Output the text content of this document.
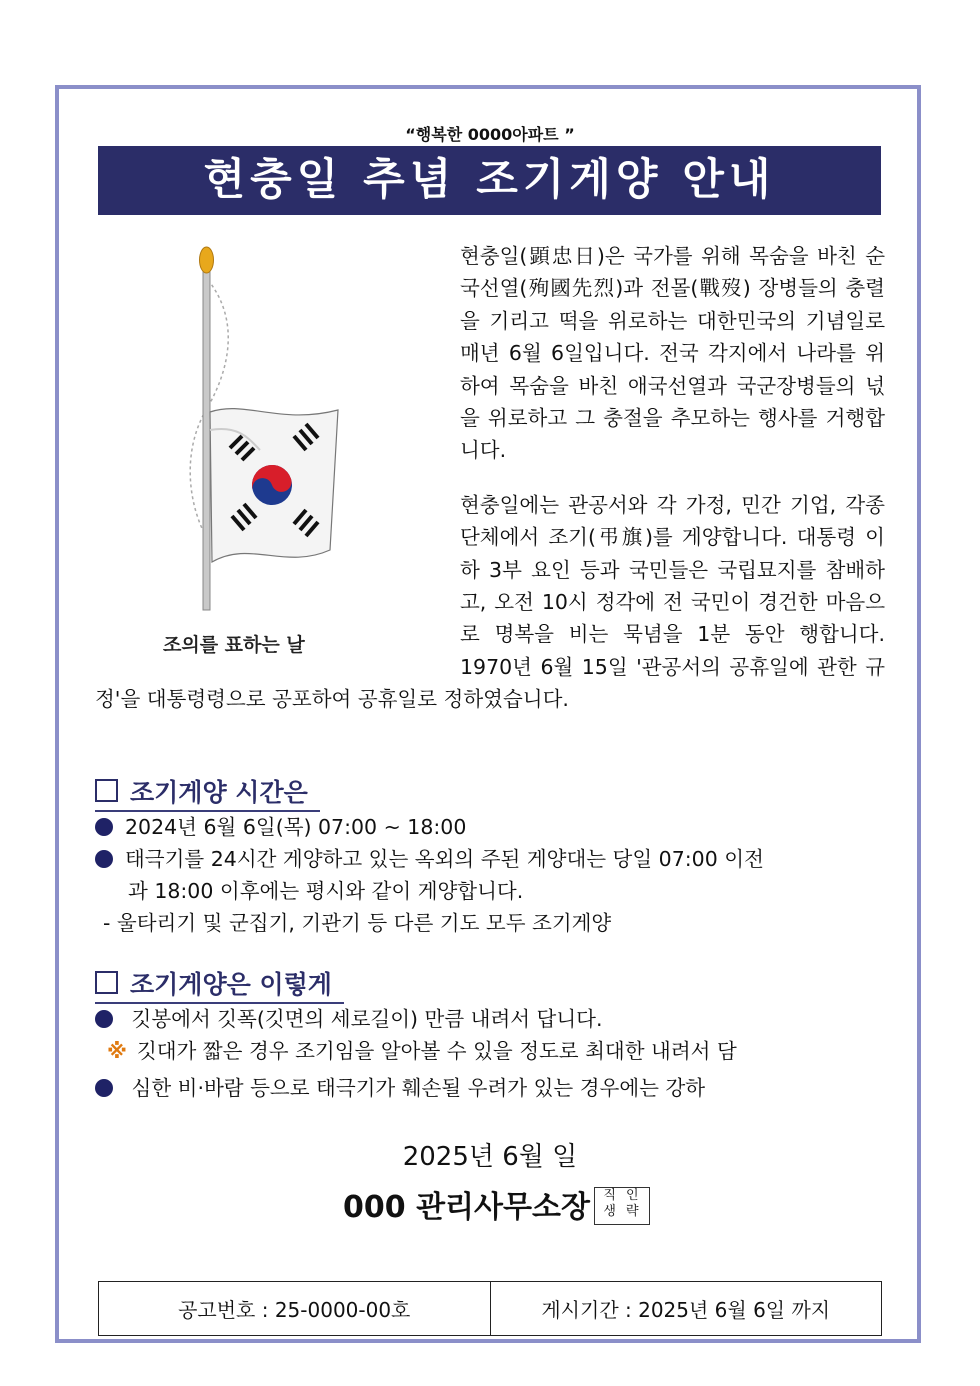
“행복한 0000아파트 ”
현충일 추념 조기게양 안내
조의를 표하는 날

현충일(顕忠日)은 국가를 위해 목숨을 바친 순국선열(殉國先烈)과 전몰(戰歿) 장병들의 충렬을 기리고 떡을 위로하는 대한민국의 기념일로 매년 6월 6일입니다. 전국 각지에서 나라를 위하여 목숨을 바친 애국선열과 국군장병들의 넋을 위로하고 그 충절을 추모하는 행사를 거행합니다.

현충일에는 관공서와 각 가정, 민간 기업, 각종 단체에서 조기(弔旗)를 게양합니다. 대통령 이하 3부 요인 등과 국민들은 국립묘지를 참배하고, 오전 10시 정각에 전 국민이 경건한 마음으로 명복을 비는 묵념을 1분 동안 행합니다. 1970년 6월 15일 '관공서의 공휴일에 관한 규정'을 대통령령으로 공포하여 공휴일로 정하였습니다.

조기게양 시간은
2024년 6월 6일(목) 07:00 ~ 18:00
태극기를 24시간 게양하고 있는 옥외의 주된 게양대는 당일 07:00 이전
과 18:00 이후에는 평시와 같이 게양합니다.
- 울타리기 및 군집기, 기관기 등 다른 기도 모두 조기게양
조기게양은 이렇게
깃봉에서 깃폭(깃면의 세로길이) 만큼 내려서 답니다.
※ 깃대가 짧은 경우 조기임을 알아볼 수 있을 정도로 최대한 내려서 담
심한 비·바람 등으로 태극기가 훼손될 우려가 있는 경우에는 강하
2025년 6월 일
000 관리사무소장	직인
생략
공고번호 : 25-0000-00호	게시기간 : 2025년 6월 6일 까지
